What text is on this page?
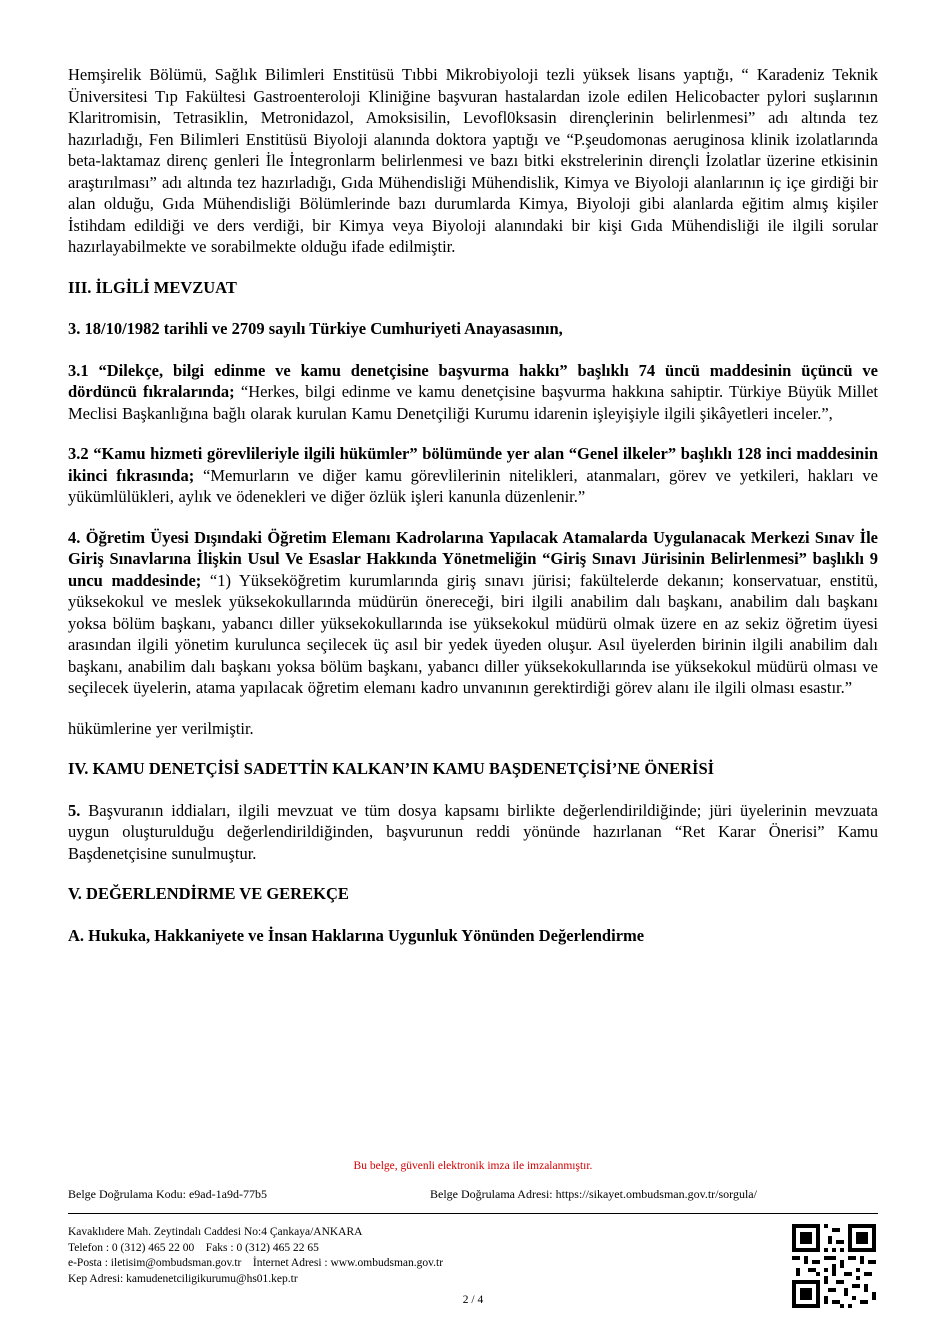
Hemşirelik Bölümü, Sağlık Bilimleri Enstitüsü Tıbbi Mikrobiyoloji tezli yüksek lisans yaptığı, “ Karadeniz Teknik Üniversitesi Tıp Fakültesi Gastroenteroloji Kliniğine başvuran hastalardan izole edilen Helicobacter pylori suşlarının Klaritromisin, Tetrasiklin, Metronidazol, Amoksisilin, Levofl0ksasin dirençlerinin belirlenmesi” adı altında tez hazırladığı, Fen Bilimleri Enstitüsü Biyoloji alanında doktora yaptığı ve “P.şeudomonas aeruginosa klinik izolatlarında beta-laktamaz direnç genleri İle İntegronlarm belirlenmesi ve bazı bitki ekstrelerinin dirençli İzolatlar üzerine etkisinin araştırılması” adı altında tez hazırladığı, Gıda Mühendisliği Mühendislik, Kimya ve Biyoloji alanlarının iç içe girdiği bir alan olduğu, Gıda Mühendisliği Bölümlerinde bazı durumlarda Kimya, Biyoloji gibi alanlarda eğitim almış kişiler İstihdam edildiği ve ders verdiği, bir Kimya veya Biyoloji alanındaki bir kişi Gıda Mühendisliği ile ilgili sorular hazırlayabilmekte ve sorabilmekte olduğu ifade edilmiştir.

III. İLGİLİ MEVZUAT
3. 18/10/1982 tarihli ve 2709 sayılı Türkiye Cumhuriyeti Anayasasının,

3.1 “Dilekçe, bilgi edinme ve kamu denetçisine başvurma hakkı” başlıklı 74 üncü maddesinin üçüncü ve dördüncü fıkralarında; “Herkes, bilgi edinme ve kamu denetçisine başvurma hakkına sahiptir. Türkiye Büyük Millet Meclisi Başkanlığına bağlı olarak kurulan Kamu Denetçiliği Kurumu idarenin işleyişiyle ilgili şikâyetleri inceler.”,

3.2 “Kamu hizmeti görevlileriyle ilgili hükümler” bölümünde yer alan “Genel ilkeler” başlıklı 128 inci maddesinin ikinci fıkrasında; “Memurların ve diğer kamu görevlilerinin nitelikleri, atanmaları, görev ve yetkileri, hakları ve yükümlülükleri, aylık ve ödenekleri ve diğer özlük işleri kanunla düzenlenir.”

4. Öğretim Üyesi Dışındaki Öğretim Elemanı Kadrolarına Yapılacak Atamalarda Uygulanacak Merkezi Sınav İle Giriş Sınavlarına İlişkin Usul Ve Esaslar Hakkında Yönetmeliğin “Giriş Sınavı Jürisinin Belirlenmesi” başlıklı 9 uncu maddesinde; “1) Yükseköğretim kurumlarında giriş sınavı jürisi; fakültelerde dekanın; konservatuar, enstitü, yüksekokul ve meslek yüksekokullarında müdürün önereceği, biri ilgili anabilim dalı başkanı, anabilim dalı başkanı yoksa bölüm başkanı, yabancı diller yüksekokullarında ise yüksekokul müdürü olmak üzere en az sekiz öğretim üyesi arasından ilgili yönetim kurulunca seçilecek üç asıl bir yedek üyeden oluşur. Asıl üyelerden birinin ilgili anabilim dalı başkanı, anabilim dalı başkanı yoksa bölüm başkanı, yabancı diller yüksekokullarında ise yüksekokul müdürü olması ve seçilecek üyelerin, atama yapılacak öğretim elemanı kadro unvanının gerektirdiği görev alanı ile ilgili olması esastır.”

hükümlerine yer verilmiştir.

IV. KAMU DENETÇİSİ SADETTİN KALKAN’IN KAMU BAŞDENETÇİSİ’NE ÖNERİSİ

5. Başvuranın iddiaları, ilgili mevzuat ve tüm dosya kapsamı birlikte değerlendirildiğinde; jüri üyelerinin mevzuata uygun oluşturulduğu değerlendirildiğinden, başvurunun reddi yönünde hazırlanan “Ret Karar Önerisi” Kamu Başdenetçisine sunulmuştur.

V. DEĞERLENDİRME VE GEREKÇE
A. Hukuka, Hakkaniyete ve İnsan Haklarına Uygunluk Yönünden Değerlendirme
Bu belge, güvenli elektronik imza ile imzalanmıştır.
Belge Doğrulama Kodu: e9ad-1a9d-77b5	Belge Doğrulama Adresi: https://sikayet.ombudsman.gov.tr/sorgula/
Kavaklıdere Mah. Zeytindalı Caddesi No:4 Çankaya/ANKARA
Telefon : 0 (312) 465 22 00    Faks : 0 (312) 465 22 65
e-Posta : iletisim@ombudsman.gov.tr    İnternet Adresi : www.ombudsman.gov.tr
Kep Adresi: kamudenetciligikurumu@hs01.kep.tr
2 / 4
